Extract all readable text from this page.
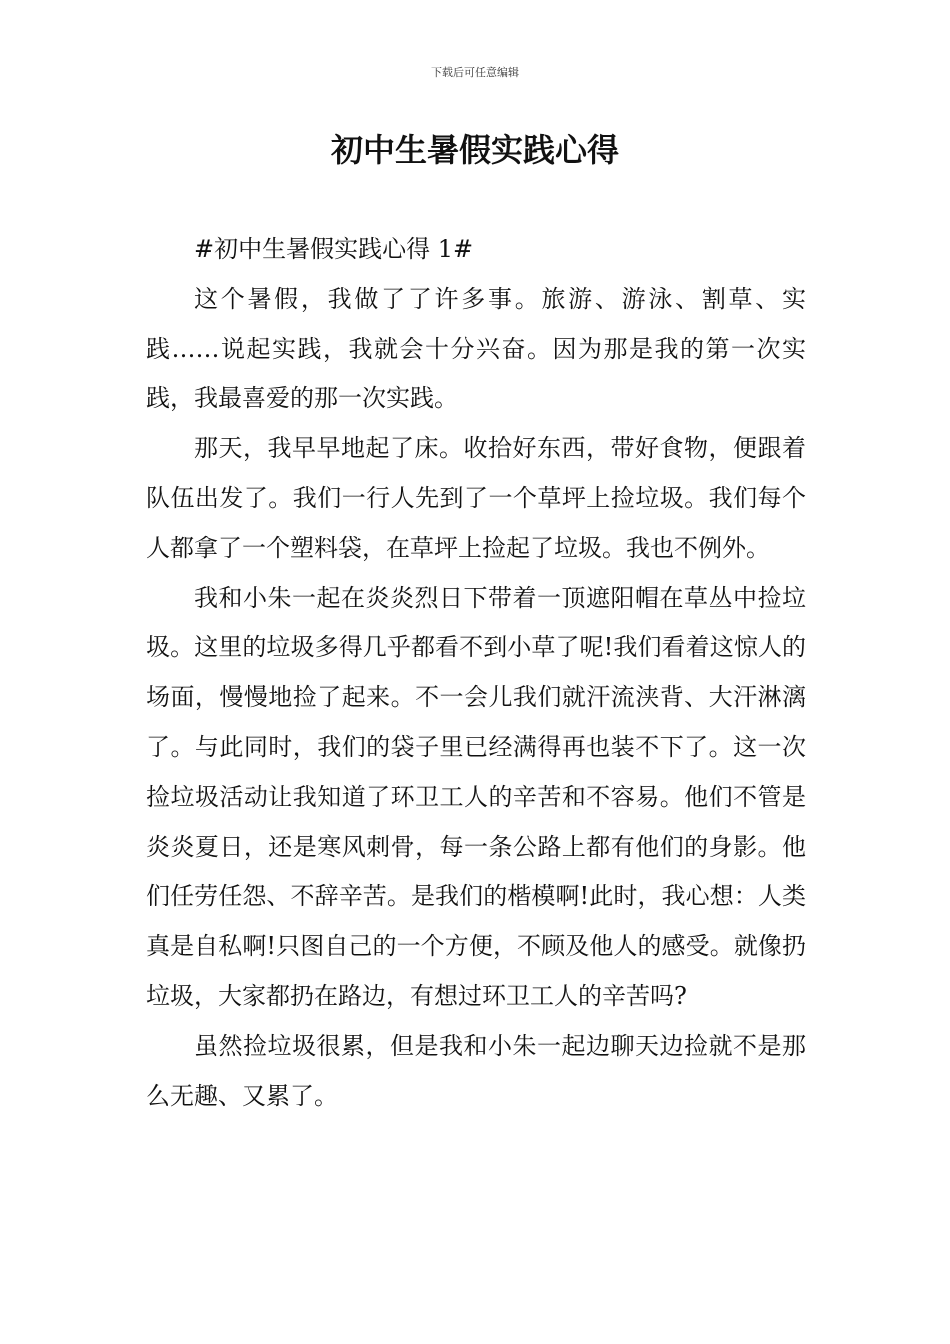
下载后可任意编辑
初中生暑假实践心得

#初中生暑假实践心得 1#

这个暑假，我做了了许多事。旅游、游泳、割草、实践……说起实践，我就会十分兴奋。因为那是我的第一次实践，我最喜爱的那一次实践。

那天，我早早地起了床。收拾好东西，带好食物，便跟着队伍出发了。我们一行人先到了一个草坪上捡垃圾。我们每个人都拿了一个塑料袋，在草坪上捡起了垃圾。我也不例外。

我和小朱一起在炎炎烈日下带着一顶遮阳帽在草丛中捡垃圾。这里的垃圾多得几乎都看不到小草了呢!我们看着这惊人的场面，慢慢地捡了起来。不一会儿我们就汗流浃背、大汗淋漓了。与此同时，我们的袋子里已经满得再也装不下了。这一次捡垃圾活动让我知道了环卫工人的辛苦和不容易。他们不管是炎炎夏日，还是寒风刺骨，每一条公路上都有他们的身影。他们任劳任怨、不辞辛苦。是我们的楷模啊!此时，我心想：人类真是自私啊!只图自己的一个方便，不顾及他人的感受。就像扔垃圾，大家都扔在路边，有想过环卫工人的辛苦吗?

虽然捡垃圾很累，但是我和小朱一起边聊天边捡就不是那么无趣、又累了。
